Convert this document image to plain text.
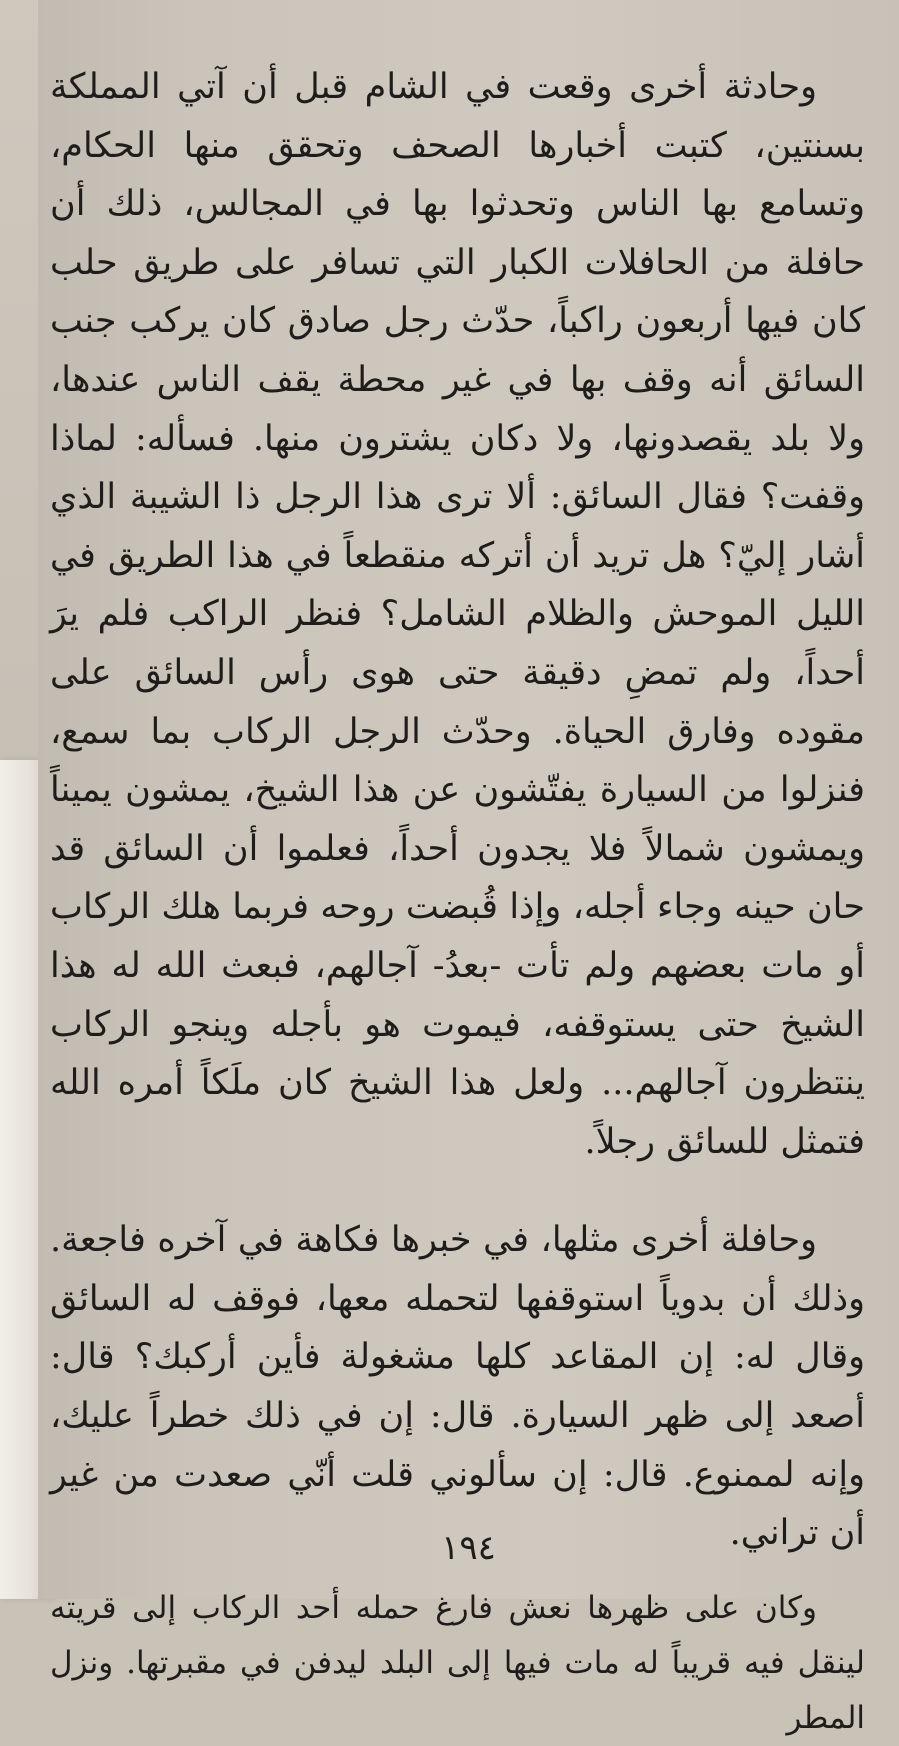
وحادثة أخرى وقعت في الشام قبل أن آتي المملكة بسنتين، كتبت أخبارها الصحف وتحقق منها الحكام، وتسامع بها الناس وتحدثوا بها في المجالس، ذلك أن حافلة من الحافلات الكبار التي تسافر على طريق حلب كان فيها أربعون راكباً، حدّث رجل صادق كان يركب جنب السائق أنه وقف بها في غير محطة يقف الناس عندها، ولا بلد يقصدونها، ولا دكان يشترون منها. فسأله: لماذا وقفت؟ فقال السائق: ألا ترى هذا الرجل ذا الشيبة الذي أشار إليّ؟ هل تريد أن أتركه منقطعاً في هذا الطريق في الليل الموحش والظلام الشامل؟ فنظر الراكب فلم يرَ أحداً، ولم تمضِ دقيقة حتى هوى رأس السائق على مقوده وفارق الحياة. وحدّث الرجل الركاب بما سمع، فنزلوا من السيارة يفتّشون عن هذا الشيخ، يمشون يميناً ويمشون شمالاً فلا يجدون أحداً، فعلموا أن السائق قد حان حينه وجاء أجله، وإذا قُبضت روحه فربما هلك الركاب أو مات بعضهم ولم تأت -بعدُ- آجالهم، فبعث الله له هذا الشيخ حتى يستوقفه، فيموت هو بأجله وينجو الركاب ينتظرون آجالهم... ولعل هذا الشيخ كان ملَكاً أمره الله فتمثل للسائق رجلاً.

وحافلة أخرى مثلها، في خبرها فكاهة في آخره فاجعة. وذلك أن بدوياً استوقفها لتحمله معها، فوقف له السائق وقال له: إن المقاعد كلها مشغولة فأين أركبك؟ قال: أصعد إلى ظهر السيارة. قال: إن في ذلك خطراً عليك، وإنه لممنوع. قال: إن سألوني قلت أنّي صعدت من غير أن تراني.

وكان على ظهرها نعش فارغ حمله أحد الركاب إلى قريته لينقل فيه قريباً له مات فيها إلى البلد ليدفن في مقبرتها. ونزل المطر

١٩٤
